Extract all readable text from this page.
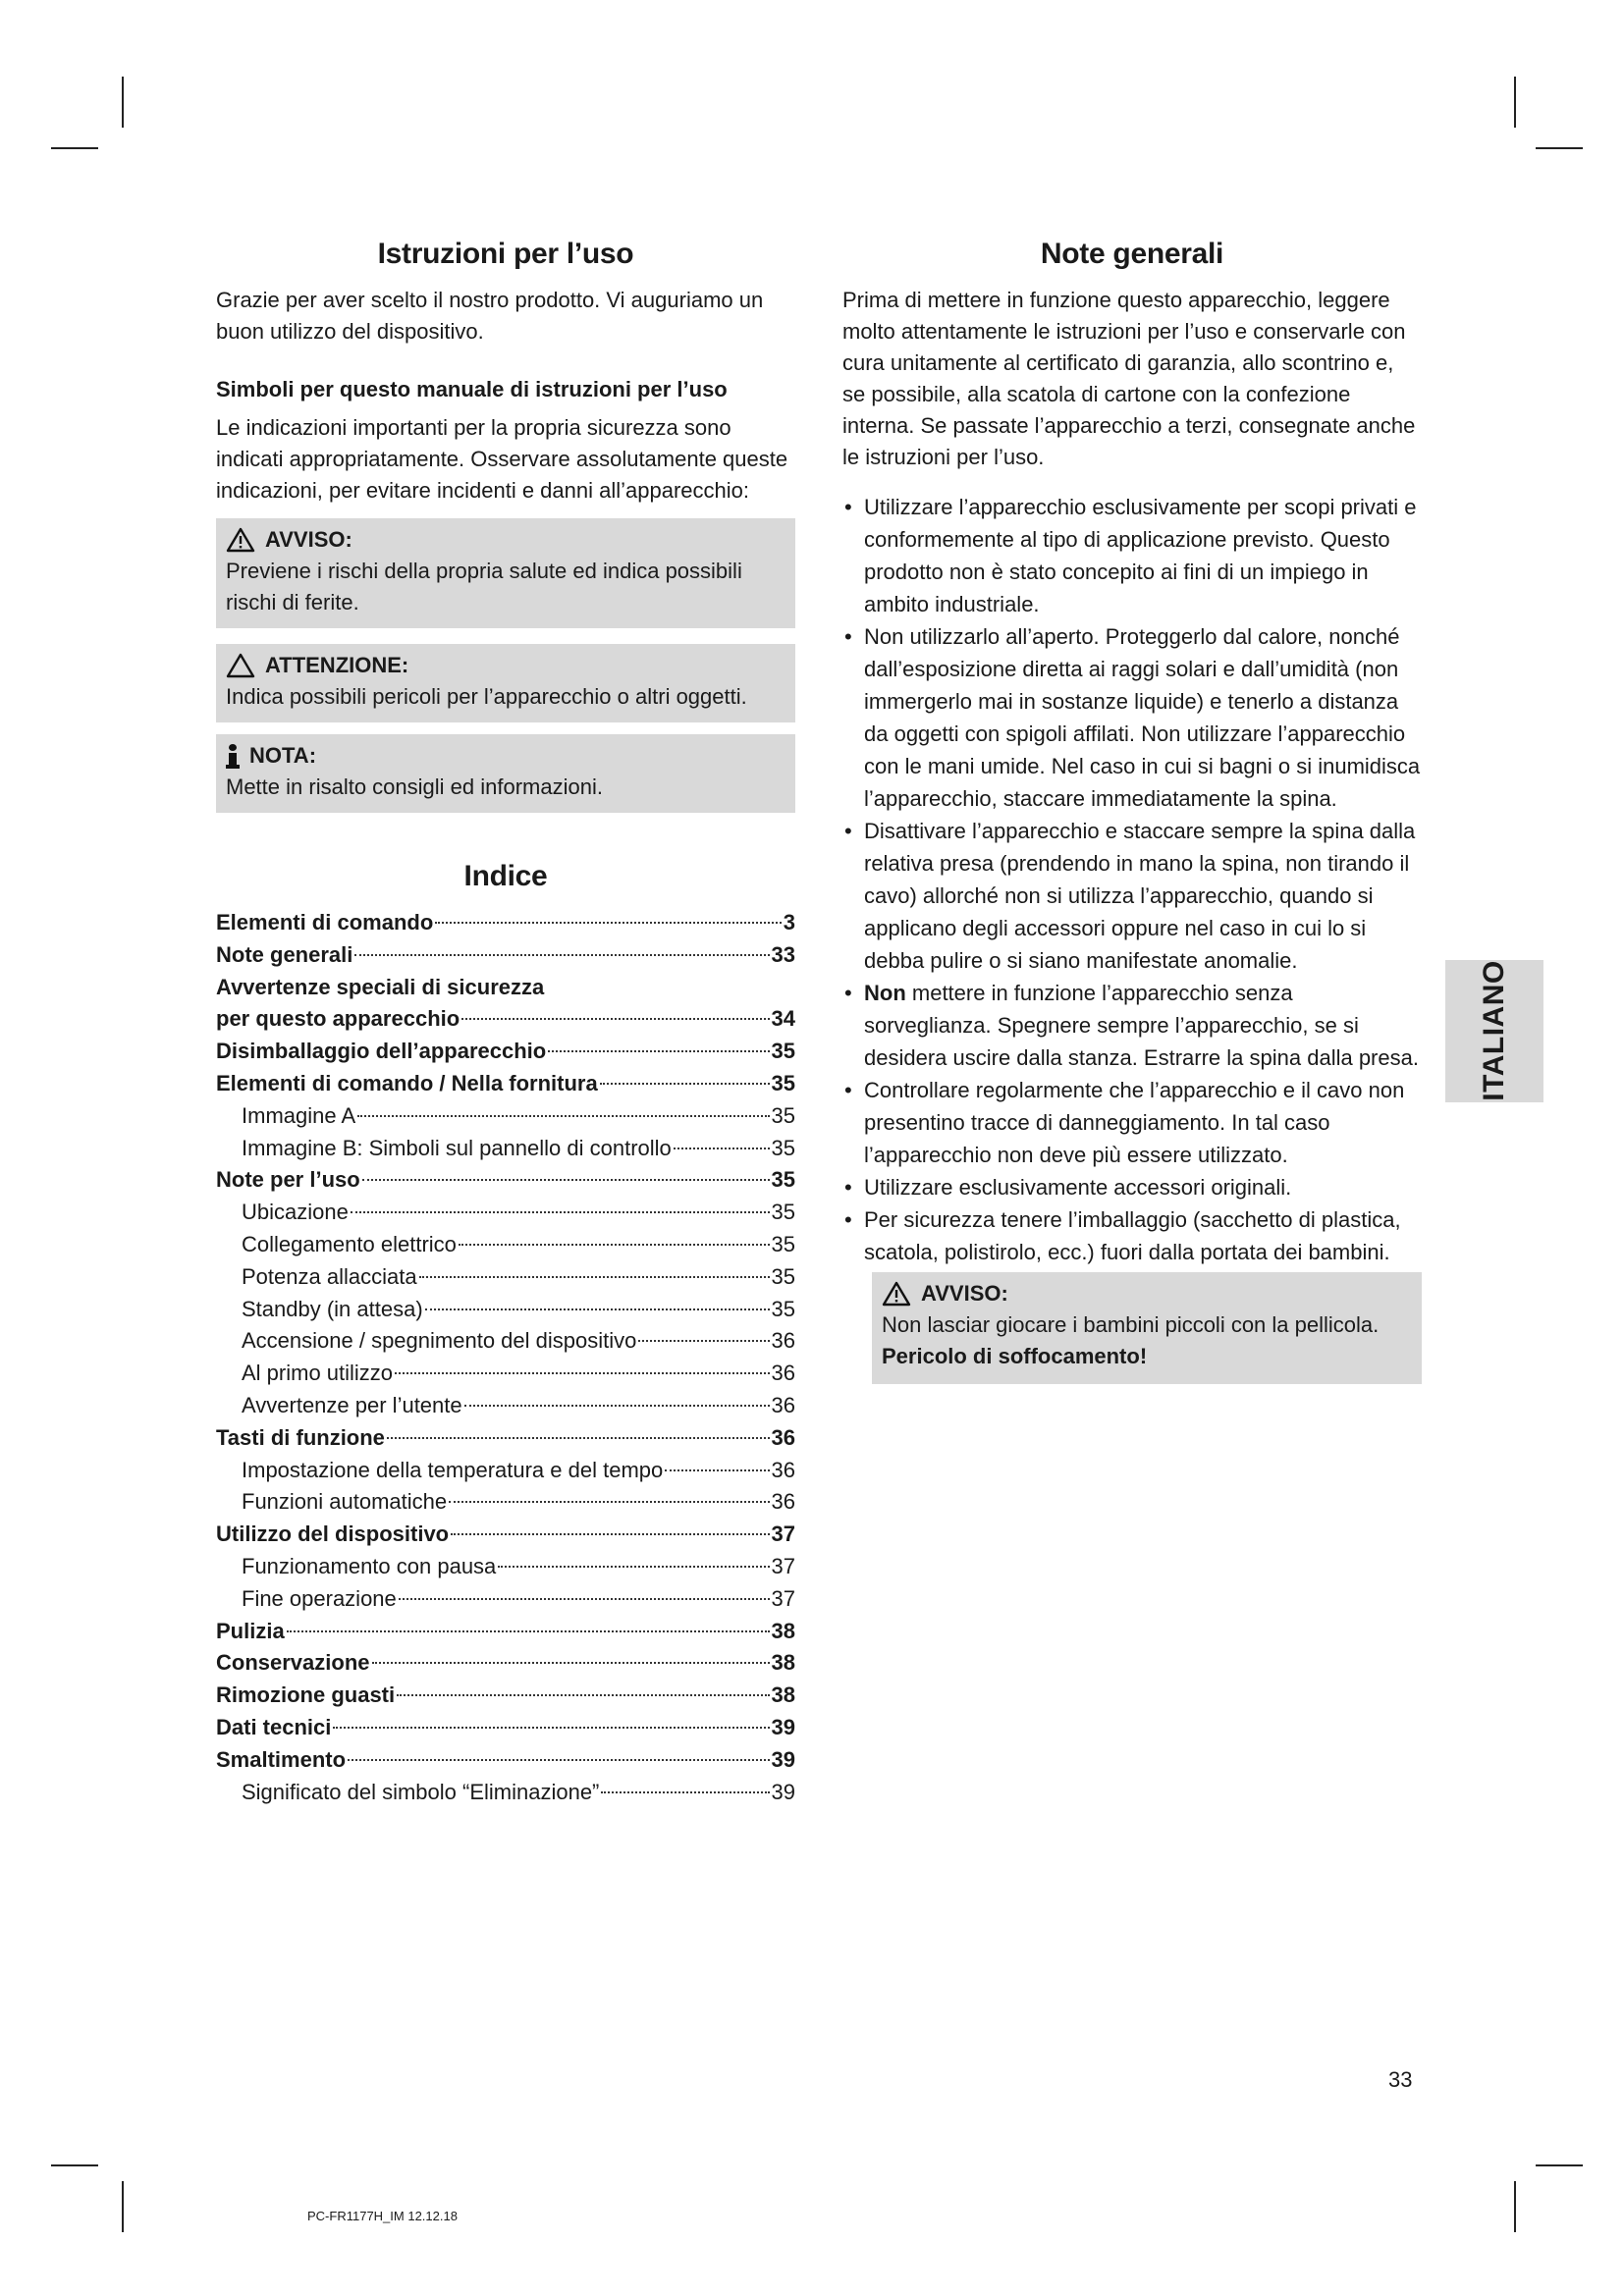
Istruzioni per l’uso

Grazie per aver scelto il nostro prodotto. Vi auguriamo un buon utilizzo del dispositivo.

Simboli per questo manuale di istruzioni per l’uso

Le indicazioni importanti per la propria sicurezza sono indicati appropriatamente. Osservare assolutamente queste indicazioni, per evitare incidenti e danni all’apparecchio:

AVVISO:
Previene i rischi della propria salute ed indica possibili rischi di ferite.
ATTENZIONE:
Indica possibili pericoli per l’apparecchio o altri oggetti.
NOTA:
Mette in risalto consigli ed informazioni.
Indice
Elementi di comando	3
Note generali	33
Avvertenze speciali di sicurezza
per questo apparecchio	34
Disimballaggio dell’apparecchio	35
Elementi di comando / Nella fornitura	35
Immagine A	35
Immagine B: Simboli sul pannello di controllo	35
Note per l’uso	35
Ubicazione	35
Collegamento elettrico	35
Potenza allacciata	35
Standby (in attesa)	35
Accensione / spegnimento del dispositivo	36
Al primo utilizzo	36
Avvertenze per l’utente	36
Tasti di funzione	36
Impostazione della temperatura e del tempo	36
Funzioni automatiche	36
Utilizzo del dispositivo	37
Funzionamento con pausa	37
Fine operazione	37
Pulizia	38
Conservazione	38
Rimozione guasti	38
Dati tecnici	39
Smaltimento	39
Significato del simbolo “Eliminazione”	39
Note generali

Prima di mettere in funzione questo apparecchio, leggere molto attentamente le istruzioni per l’uso e conservarle con cura unitamente al certificato di garanzia, allo scontrino e, se possibile, alla scatola di cartone con la confezione interna. Se passate l’apparecchio a terzi, consegnate anche le istruzioni per l’uso.

• Utilizzare l’apparecchio esclusivamente per scopi privati e conformemente al tipo di applicazione previsto. Questo prodotto non è stato concepito ai fini di un impiego in ambito industriale.
• Non utilizzarlo all’aperto. Proteggerlo dal calore, nonché dall’esposizione diretta ai raggi solari e dall’umidità (non immergerlo mai in sostanze liquide) e tenerlo a distanza da oggetti con spigoli affilati. Non utilizzare l’apparecchio con le mani umide. Nel caso in cui si bagni o si inumidisca l’apparecchio, staccare immediatamente la spina.
• Disattivare l’apparecchio e staccare sempre la spina dalla relativa presa (prendendo in mano la spina, non tirando il cavo) allorché non si utilizza l’apparecchio, quando si applicano degli accessori oppure nel caso in cui lo si debba pulire o si siano manifestate anomalie.
• Non mettere in funzione l’apparecchio senza sorveglianza. Spegnere sempre l’apparecchio, se si desidera uscire dalla stanza. Estrarre la spina dalla presa.
• Controllare regolarmente che l’apparecchio e il cavo non presentino tracce di danneggiamento. In tal caso l’apparecchio non deve più essere utilizzato.
• Utilizzare esclusivamente accessori originali.
• Per sicurezza tenere l’imballaggio (sacchetto di plastica, scatola, polistirolo, ecc.) fuori dalla portata dei bambini.
AVVISO:
Non lasciar giocare i bambini piccoli con la pellicola.
Pericolo di soffocamento!
ITALIANO
33
PC-FR1177H_IM 12.12.18
